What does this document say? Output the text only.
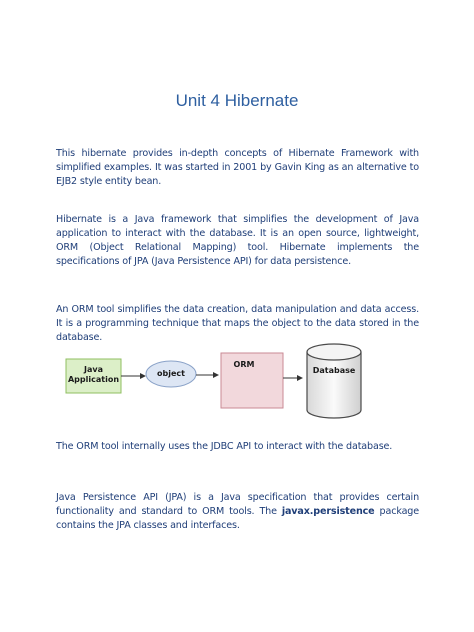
Unit 4 Hibernate
This hibernate provides in-depth concepts of Hibernate Framework with simplified examples. It was started in 2001 by Gavin King as an alternative to EJB2 style entity bean.
Hibernate is a Java framework that simplifies the development of Java application to interact with the database. It is an open source, lightweight, ORM (Object Relational Mapping) tool. Hibernate implements the specifications of JPA (Java Persistence API) for data persistence.
An ORM tool simplifies the data creation, data manipulation and data access. It is a programming technique that maps the object to the data stored in the database.
Java
Application
object
ORM
Database
The ORM tool internally uses the JDBC API to interact with the database.
Java Persistence API (JPA) is a Java specification that provides certain functionality and standard to ORM tools. The javax.persistence package contains the JPA classes and interfaces.
